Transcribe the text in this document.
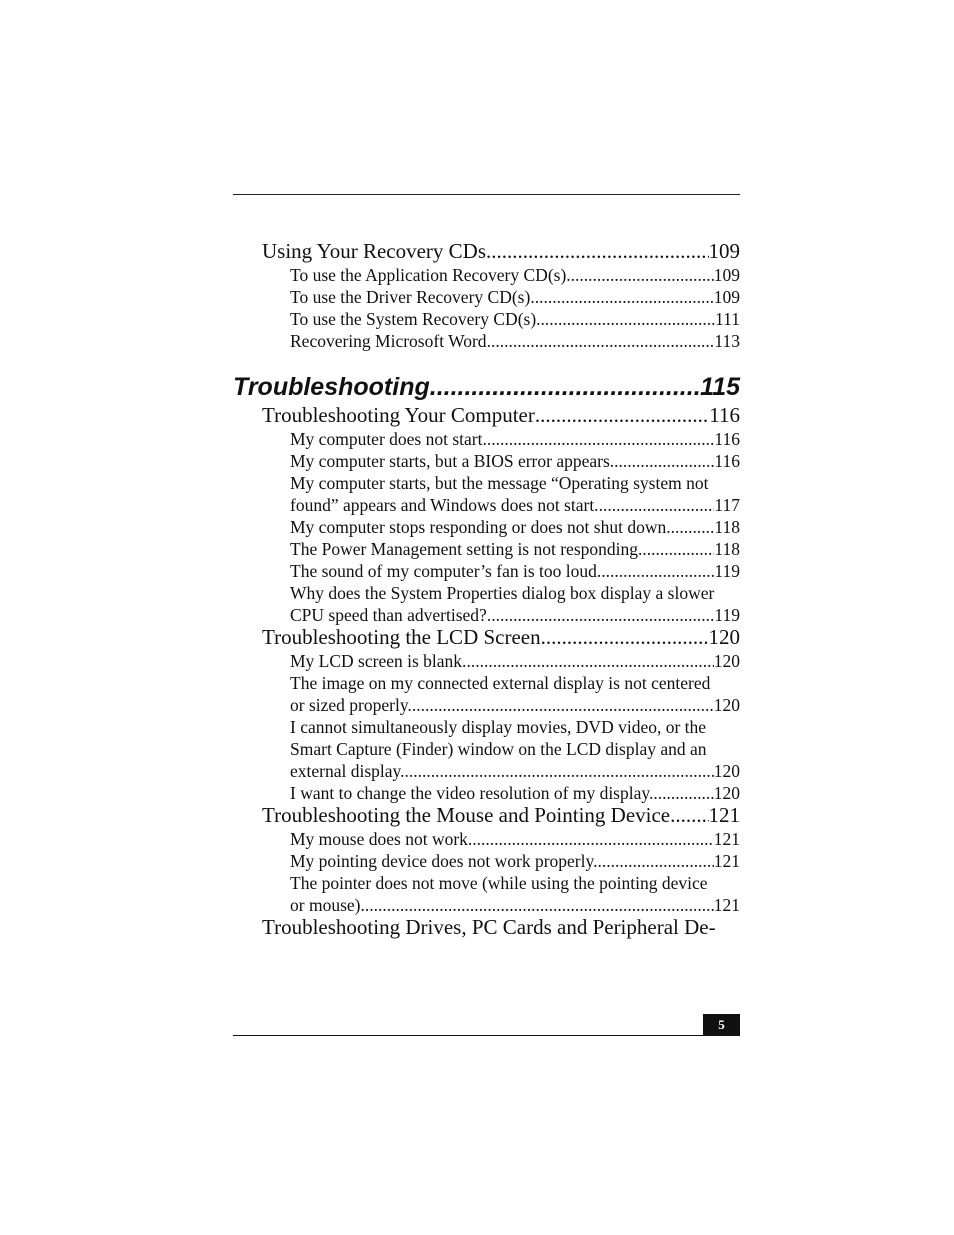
Using Your Recovery CDs .....	109
To use the Application Recovery CD(s) .....	109
To use the Driver Recovery CD(s) .....	109
To use the System Recovery CD(s) .....	111
Recovering Microsoft Word .....	113
Troubleshooting .....	115
Troubleshooting Your Computer .....	116
My computer does not start. .....	116
My computer starts, but a BIOS error appears. .....	116
My computer starts, but the message “Operating system not
found” appears and Windows does not start. .....	117
My computer stops responding or does not shut down. .....	118
The Power Management setting is not responding. .....	118
The sound of my computer’s fan is too loud. .....	119
Why does the System Properties dialog box display a slower
CPU speed than advertised? .....	119
Troubleshooting the LCD Screen .....	120
My LCD screen is blank. .....	120
The image on my connected external display is not centered
or sized properly. .....	120
I cannot simultaneously display movies, DVD video, or the
Smart Capture (Finder) window on the LCD display and an
external display. .....	120
I want to change the video resolution of my display. .....	120
Troubleshooting the Mouse and Pointing Device ..... 121
My mouse does not work. .....	121
My pointing device does not work properly. .....	121
The pointer does not move (while using the pointing device
or mouse). .....	121
Troubleshooting Drives, PC Cards and Peripheral De-
5
